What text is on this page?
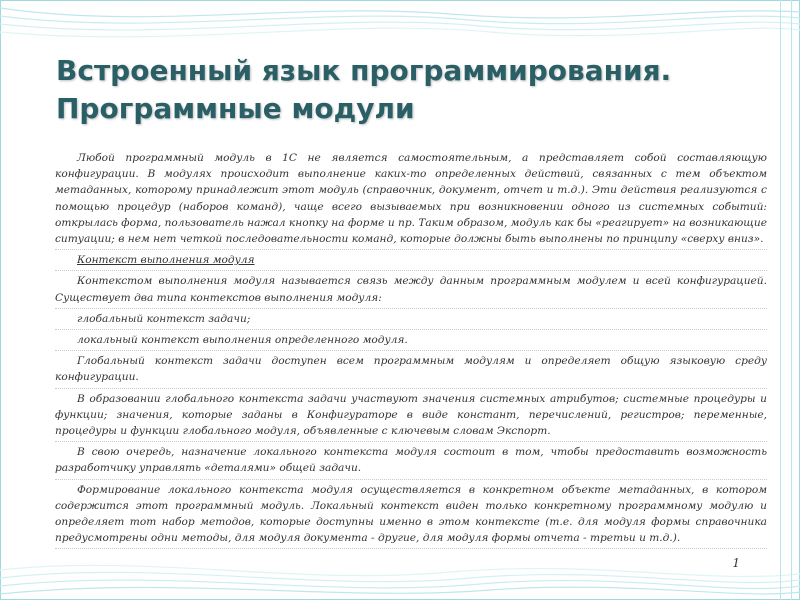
Встроенный язык программирования.
Программные модули

Любой программный модуль в 1С не является самостоятельным, а представляет собой составляющую конфигурации. В модулях происходит выполнение каких-то определенных действий, связанных с тем объектом метаданных, которому принадлежит этот модуль (справочник, документ, отчет и т.д.). Эти действия реализуются с помощью процедур (наборов команд), чаще всего вызываемых при возникновении одного из системных событий: открылась форма, пользователь нажал кнопку на форме и пр. Таким образом, модуль как бы «реагирует» на возникающие ситуации; в нем нет четкой последовательности команд, которые должны быть выполнены по принципу «сверху вниз».

Контекст выполнения модуля

Контекстом выполнения модуля называется связь между данным программным модулем и всей конфигурацией. Существует два типа контекстов выполнения модуля:

глобальный контекст задачи;

локальный контекст выполнения определенного модуля.

Глобальный контекст задачи доступен всем программным модулям и определяет общую языковую среду конфигурации.

В образовании глобального контекста задачи участвуют значения системных атрибутов; системные процедуры и функции; значения, которые заданы в Конфигураторе в виде констант, перечислений, регистров; переменные, процедуры и функции глобального модуля, объявленные с ключевым словам Экспорт.

В свою очередь, назначение локального контекста модуля состоит в том, чтобы предоставить возможность разработчику управлять «деталями» общей задачи.

Формирование локального контекста модуля осуществляется в конкретном объекте метаданных, в котором содержится этот программный модуль. Локальный контекст виден только конкретному программному модулю и определяет тот набор методов, которые доступны именно в этом контексте (т.е. для модуля формы справочника предусмотрены одни методы, для модуля документа - другие, для модуля формы отчета - третьи и т.д.).

1
